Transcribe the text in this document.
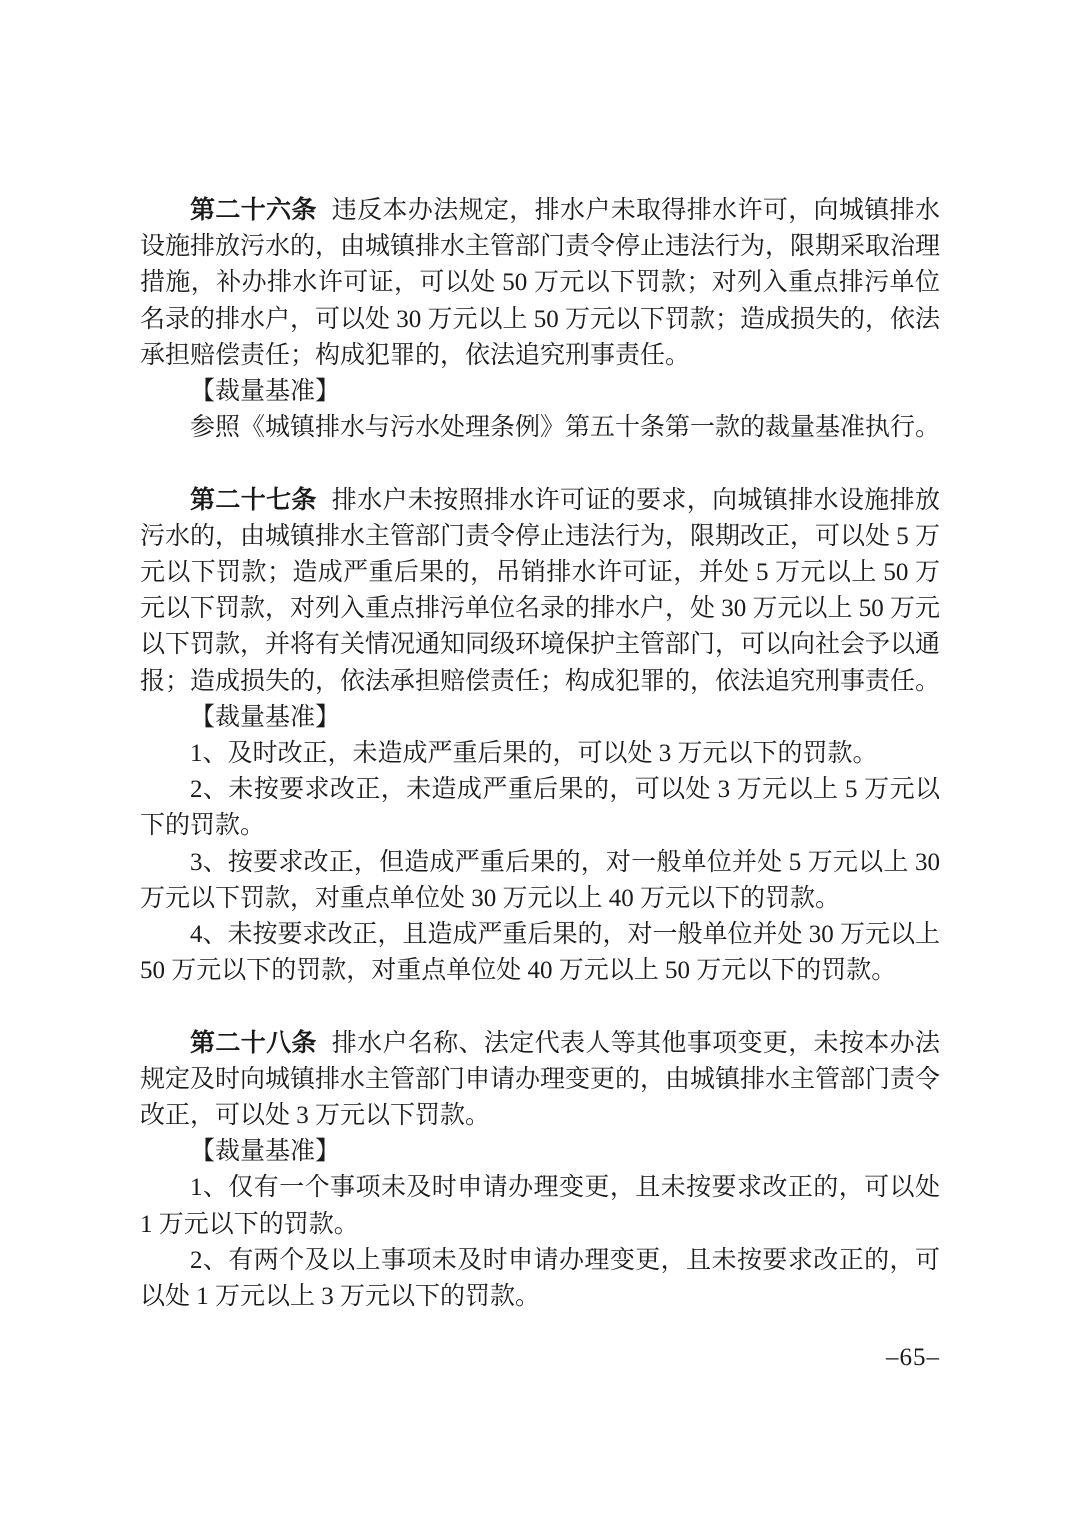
第二十六条 违反本办法规定，排水户未取得排水许可，向城镇排水设施排放污水的，由城镇排水主管部门责令停止违法行为，限期采取治理措施，补办排水许可证，可以处 50 万元以下罚款；对列入重点排污单位名录的排水户，可以处 30 万元以上 50 万元以下罚款；造成损失的，依法承担赔偿责任；构成犯罪的，依法追究刑事责任。

【裁量基准】

参照《城镇排水与污水处理条例》第五十条第一款的裁量基准执行。

第二十七条 排水户未按照排水许可证的要求，向城镇排水设施排放污水的，由城镇排水主管部门责令停止违法行为，限期改正，可以处 5 万元以下罚款；造成严重后果的，吊销排水许可证，并处 5 万元以上 50 万元以下罚款，对列入重点排污单位名录的排水户，处 30 万元以上 50 万元以下罚款，并将有关情况通知同级环境保护主管部门，可以向社会予以通报；造成损失的，依法承担赔偿责任；构成犯罪的，依法追究刑事责任。

【裁量基准】

1、及时改正，未造成严重后果的，可以处 3 万元以下的罚款。

2、未按要求改正，未造成严重后果的，可以处 3 万元以上 5 万元以下的罚款。

3、按要求改正，但造成严重后果的，对一般单位并处 5 万元以上 30 万元以下罚款，对重点单位处 30 万元以上 40 万元以下的罚款。

4、未按要求改正，且造成严重后果的，对一般单位并处 30 万元以上 50 万元以下的罚款，对重点单位处 40 万元以上 50 万元以下的罚款。

第二十八条 排水户名称、法定代表人等其他事项变更，未按本办法规定及时向城镇排水主管部门申请办理变更的，由城镇排水主管部门责令改正，可以处 3 万元以下罚款。

【裁量基准】

1、仅有一个事项未及时申请办理变更，且未按要求改正的，可以处 1 万元以下的罚款。

2、有两个及以上事项未及时申请办理变更，且未按要求改正的，可以处 1 万元以上 3 万元以下的罚款。

–65–
